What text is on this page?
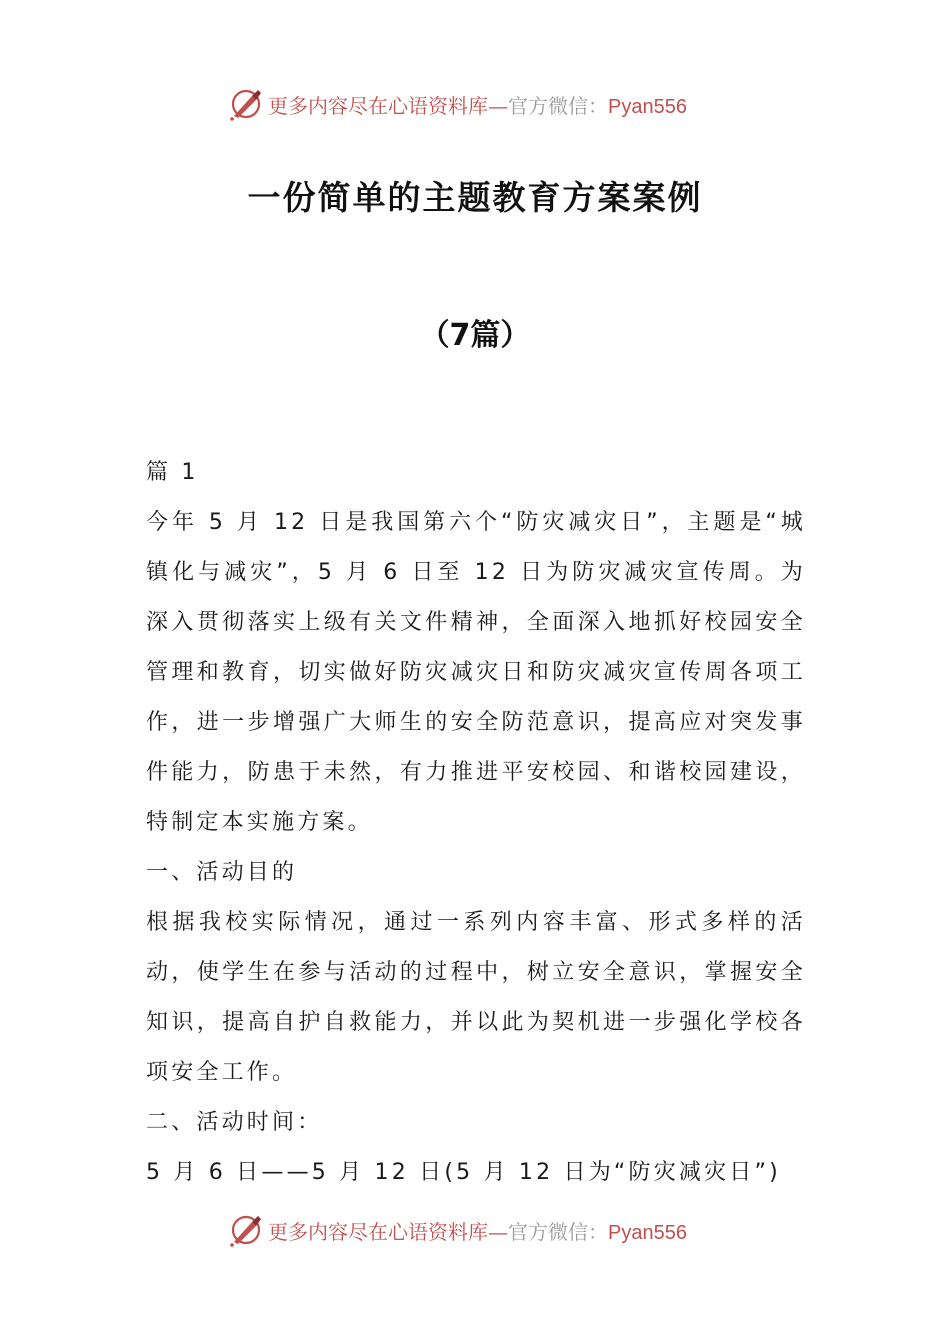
更多内容尽在心语资料库—官方微信：Pyan556
一份简单的主题教育方案案例
（7篇）

篇 1

今年 5 月 12 日是我国第六个“防灾减灾日”，主题是“城镇化与减灾”，5 月 6 日至 12 日为防灾减灾宣传周。为深入贯彻落实上级有关文件精神，全面深入地抓好校园安全管理和教育，切实做好防灾减灾日和防灾减灾宣传周各项工作，进一步增强广大师生的安全防范意识，提高应对突发事件能力，防患于未然，有力推进平安校园、和谐校园建设，特制定本实施方案。

一、活动目的

根据我校实际情况，通过一系列内容丰富、形式多样的活动，使学生在参与活动的过程中，树立安全意识，掌握安全知识，提高自护自救能力，并以此为契机进一步强化学校各项安全工作。

二、活动时间：

5 月 6 日——5 月 12 日(5 月 12 日为“防灾减灾日”)

更多内容尽在心语资料库—官方微信：Pyan556
